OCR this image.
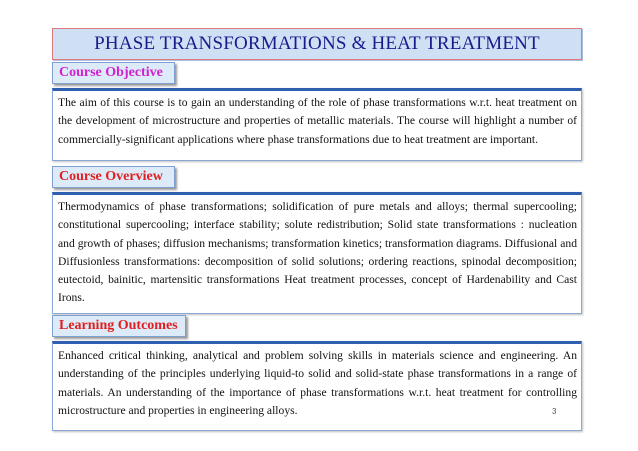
PHASE TRANSFORMATIONS & HEAT TREATMENT
Course Objective
The aim of this course is to gain an understanding of the role of phase transformations w.r.t. heat treatment on the development of microstructure and properties of metallic materials. The course will highlight a number of commercially-significant applications where phase transformations due to heat treatment are important.
Course Overview
Thermodynamics of phase transformations; solidification of pure metals and alloys; thermal supercooling; constitutional supercooling; interface stability; solute redistribution; Solid state transformations : nucleation and growth of phases; diffusion mechanisms; transformation kinetics; transformation diagrams. Diffusional and Diffusionless transformations: decomposition of solid solutions; ordering reactions, spinodal decomposition; eutectoid, bainitic, martensitic transformations Heat treatment processes, concept of Hardenability and Cast Irons.
Learning Outcomes
Enhanced critical thinking, analytical and problem solving skills in materials science and engineering. An understanding of the principles underlying liquid-to solid and solid-state phase transformations in a range of materials. An understanding of the importance of phase transformations w.r.t. heat treatment for controlling microstructure and properties in engineering alloys.	3
